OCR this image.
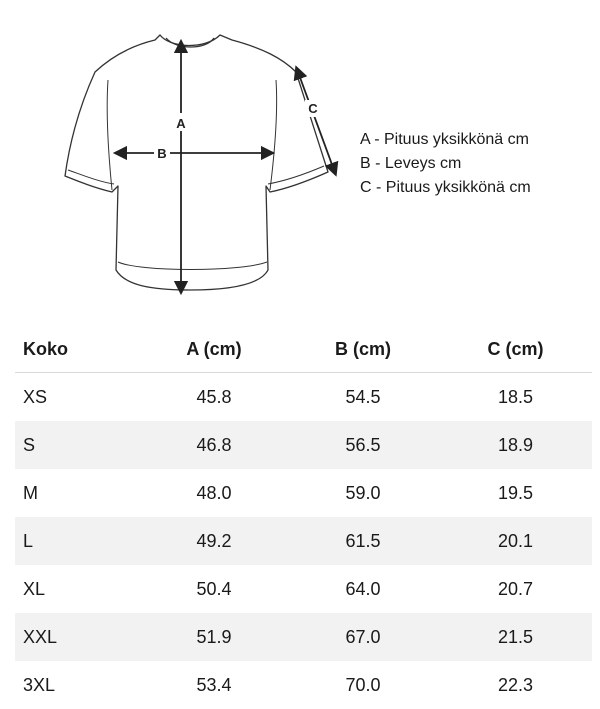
A
B
C
A - Pituus yksikkönä cm
B - Leveys cm
C - Pituus yksikkönä cm
Koko	A (cm)	B (cm)	C (cm)
XS	45.8	54.5	18.5
S	46.8	56.5	18.9
M	48.0	59.0	19.5
L	49.2	61.5	20.1
XL	50.4	64.0	20.7
XXL	51.9	67.0	21.5
3XL	53.4	70.0	22.3
